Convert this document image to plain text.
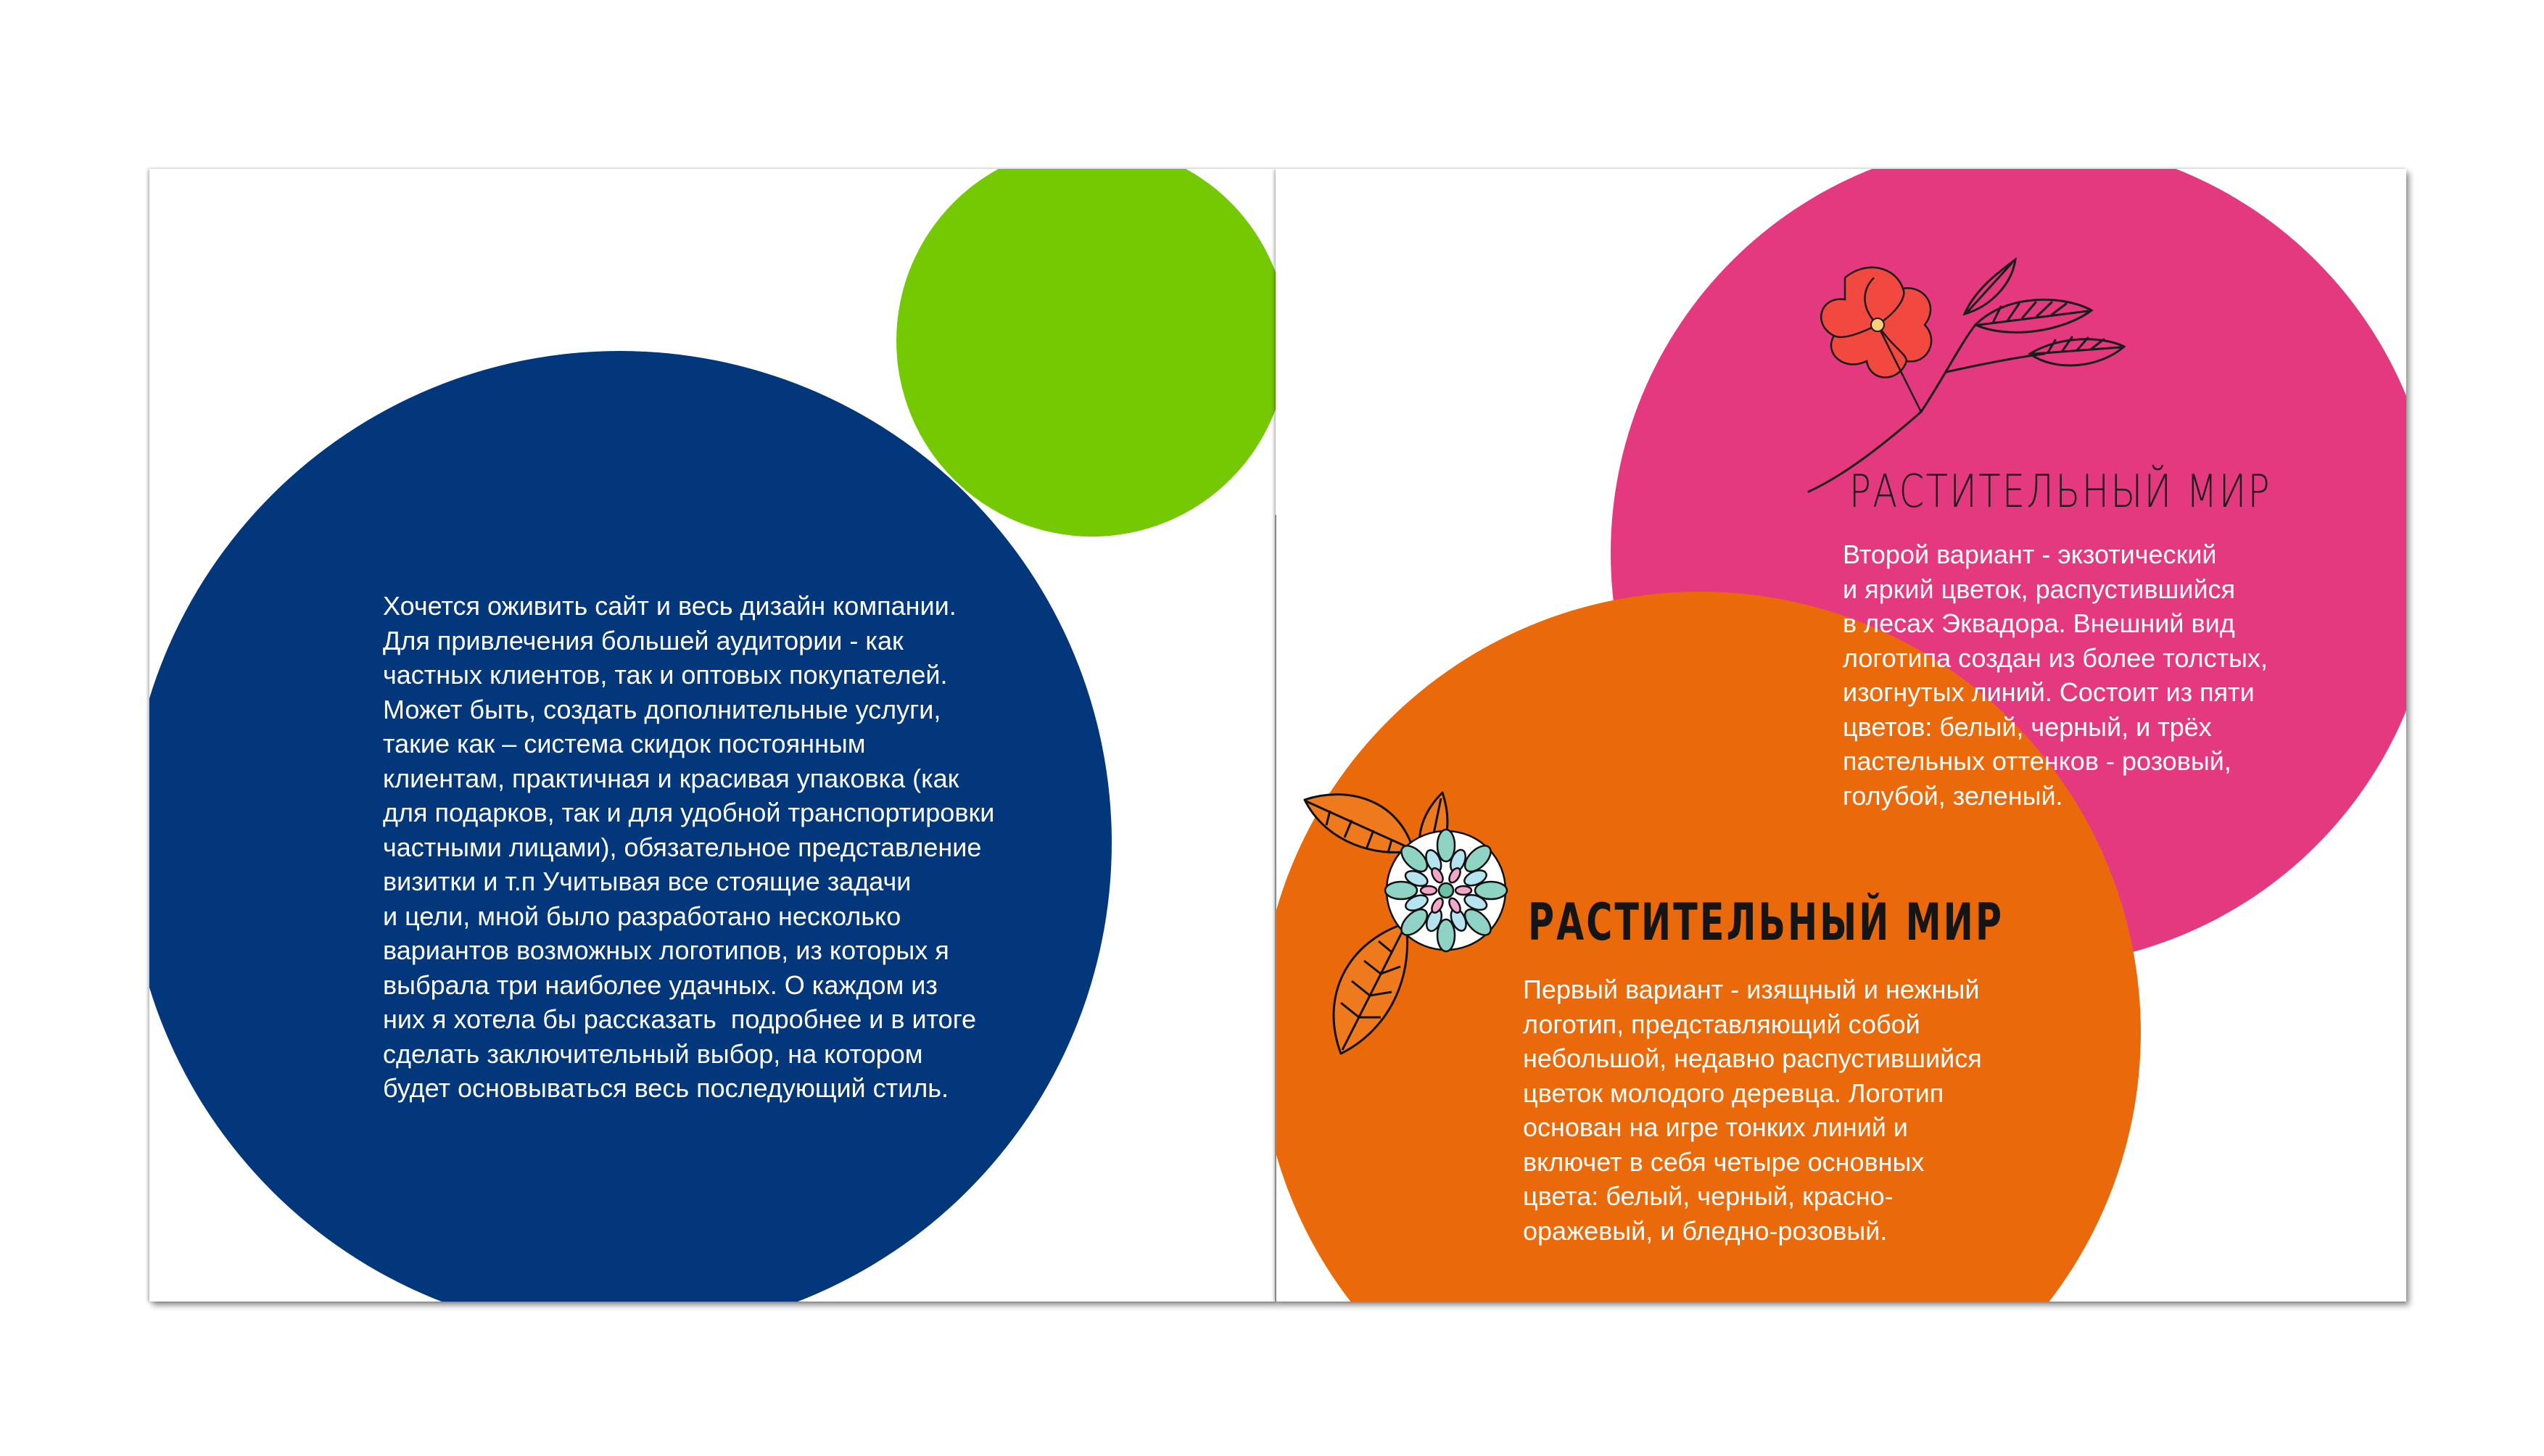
Хочется оживить сайт и весь дизайн компании.
Для привлечения большей аудитории - как
частных клиентов, так и оптовых покупателей.
Может быть, создать дополнительные услуги,
такие как – система скидок постоянным
клиентам, практичная и красивая упаковка (как
для подарков, так и для удобной транспортировки
частными лицами), обязательное представление
визитки и т.п Учитывая все стоящие задачи
и цели, мной было разработано несколько
вариантов возможных логотипов, из которых я
выбрала три наиболее удачных. О каждом из
них я хотела бы рассказать  подробнее и в итоге
сделать заключительный выбор, на котором
будет основываться весь последующий стиль.

РАСТИТЕЛЬНЫЙ МИР

Второй вариант - экзотический
и яркий цветок, распустившийся
в лесах Эквадора. Внешний вид
логотипа создан из более толстых,
изогнутых линий. Состоит из пяти
цветов: белый, черный, и трёх
пастельных оттенков - розовый,
голубой, зеленый.

РАСТИТЕЛЬНЫЙ МИР

Первый вариант - изящный и нежный
логотип, представляющий собой
небольшой, недавно распустившийся
цветок молодого деревца. Логотип
основан на игре тонких линий и
включет в себя четыре основных
цвета: белый, черный, красно-
оражевый, и бледно-розовый.
